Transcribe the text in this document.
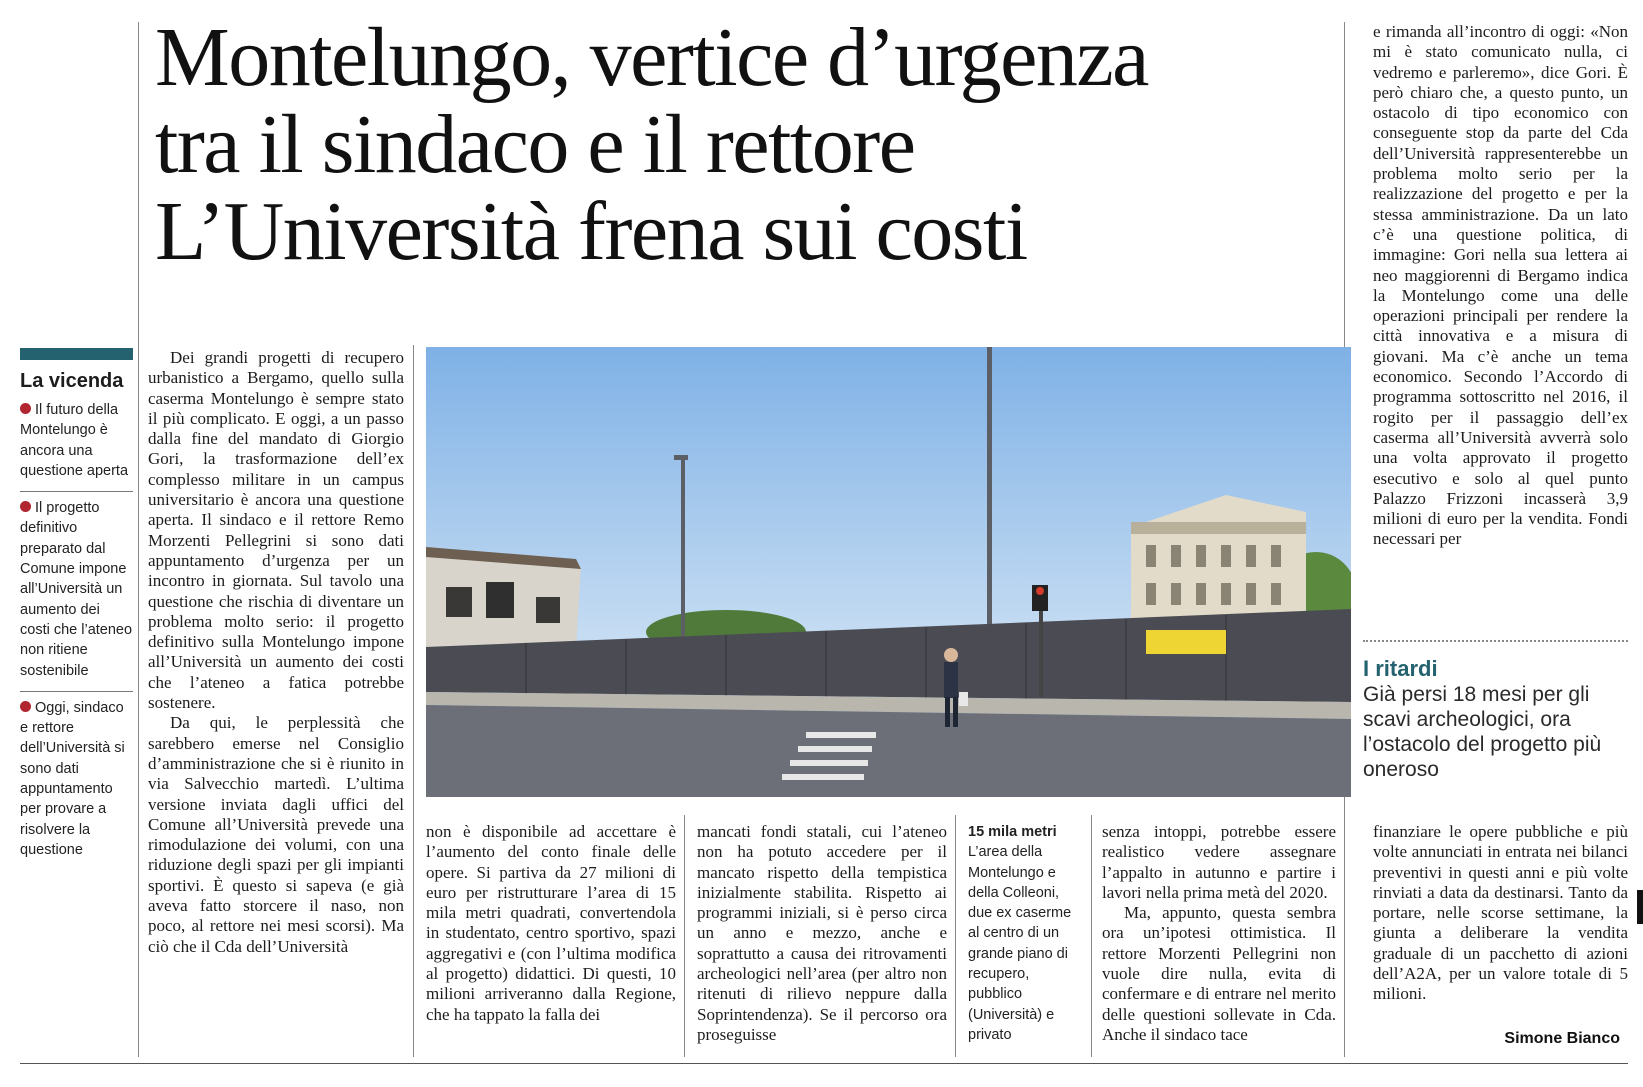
Montelungo, vertice d’urgenza
tra il sindaco e il rettore
L’Università frena sui costi
La vicenda
Il futuro della Montelungo è ancora una questione aperta
Il progetto definitivo preparato dal Comune impone all’Università un aumento dei costi che l’ateneo non ritiene sostenibile
Oggi, sindaco e rettore dell’Università si sono dati appuntamento per provare a risolvere la questione

Dei grandi progetti di recupero urbanistico a Bergamo, quello sulla caserma Montelungo è sempre stato il più complicato. E oggi, a un passo dalla fine del mandato di Giorgio Gori, la trasformazione dell’ex complesso militare in un campus universitario è ancora una questione aperta. Il sindaco e il rettore Remo Morzenti Pellegrini si sono dati appuntamento d’urgenza per un incontro in giornata. Sul tavolo una questione che rischia di diventare un problema molto serio: il progetto definitivo sulla Montelungo impone all’Università un aumento dei costi che l’ateneo a fatica potrebbe sostenere.

Da qui, le perplessità che sarebbero emerse nel Consiglio d’amministrazione che si è riunito in via Salvecchio martedì. L’ultima versione inviata dagli uffici del Comune all’Università prevede una rimodulazione dei volumi, con una riduzione degli spazi per gli impianti sportivi. È questo si sapeva (e già aveva fatto storcere il naso, non poco, al rettore nei mesi scorsi). Ma ciò che il Cda dell’Università

non è disponibile ad accettare è l’aumento del conto finale delle opere. Si partiva da 27 milioni di euro per ristrutturare l’area di 15 mila metri quadrati, convertendola in studentato, centro sportivo, spazi aggregativi e (con l’ultima modifica al progetto) didattici. Di questi, 10 milioni arriveranno dalla Regione, che ha tappato la falla dei

mancati fondi statali, cui l’ateneo non ha potuto accedere per il mancato rispetto della tempistica inizialmente stabilita. Rispetto ai programmi iniziali, si è perso circa un anno e mezzo, anche e soprattutto a causa dei ritrovamenti archeologici nell’area (per altro non ritenuti di rilievo neppure dalla Soprintendenza). Se il percorso ora proseguisse

15 mila metri
L’area della Montelungo e della Colleoni, due ex caserme al centro di un grande piano di recupero, pubblico (Università) e privato

senza intoppi, potrebbe essere realistico vedere assegnare l’appalto in autunno e partire i lavori nella prima metà del 2020.

Ma, appunto, questa sembra ora un’ipotesi ottimistica. Il rettore Morzenti Pellegrini non vuole dire nulla, evita di confermare e di entrare nel merito delle questioni sollevate in Cda. Anche il sindaco tace

e rimanda all’incontro di oggi: «Non mi è stato comunicato nulla, ci vedremo e parleremo», dice Gori. È però chiaro che, a questo punto, un ostacolo di tipo economico con conseguente stop da parte del Cda dell’Università rappresenterebbe un problema molto serio per la realizzazione del progetto e per la stessa amministrazione. Da un lato c’è una questione politica, di immagine: Gori nella sua lettera ai neo maggiorenni di Bergamo indica la Montelungo come una delle operazioni principali per rendere la città innovativa e a misura di giovani. Ma c’è anche un tema economico. Secondo l’Accordo di programma sottoscritto nel 2016, il rogito per il passaggio dell’ex caserma all’Università avverrà solo una volta approvato il progetto esecutivo e solo al quel punto Palazzo Frizzoni incasserà 3,9 milioni di euro per la vendita. Fondi necessari per

I ritardi
Già persi 18 mesi per gli scavi archeologici, ora l’ostacolo del progetto più oneroso

finanziare le opere pubbliche e più volte annunciati in entrata nei bilanci preventivi in questi anni e più volte rinviati a data da destinarsi. Tanto da portare, nelle scorse settimane, la giunta a deliberare la vendita graduale di un pacchetto di azioni dell’A2A, per un valore totale di 5 milioni.

Simone Bianco
